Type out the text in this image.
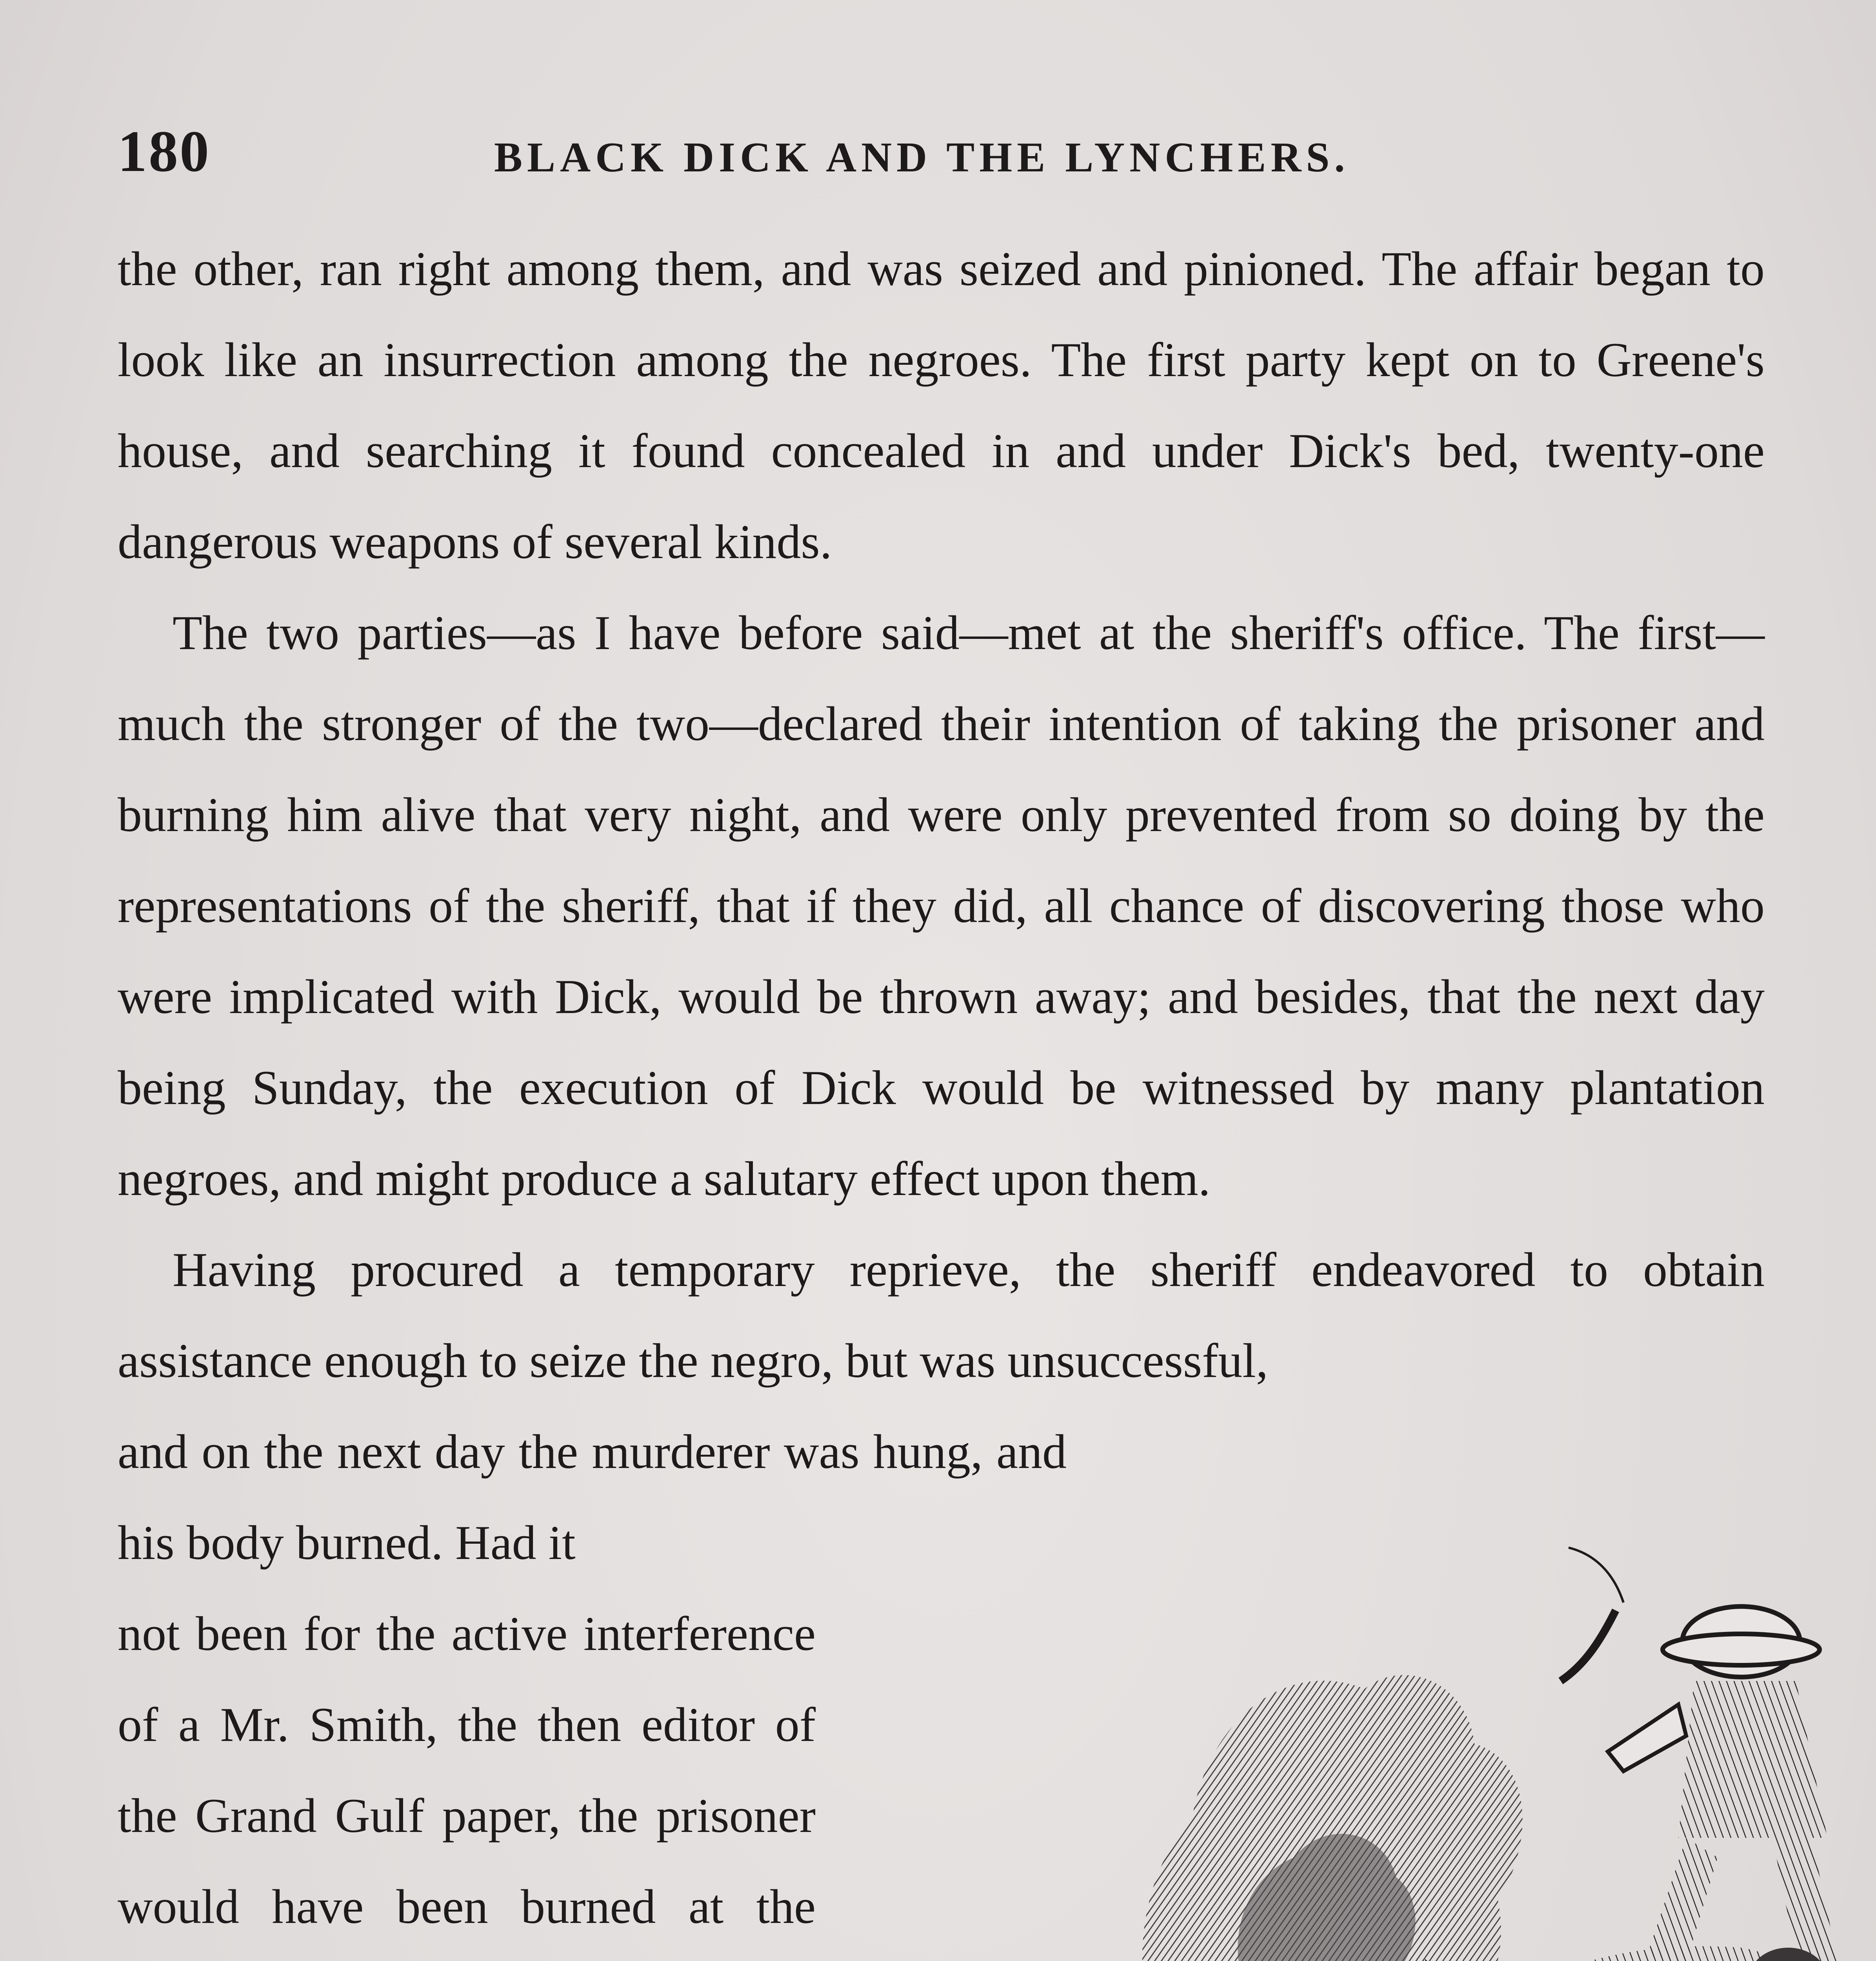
180	BLACK DICK AND THE LYNCHERS.

the other, ran right among them, and was seized and pinioned. The affair began to look like an insurrection among the negroes. The first party kept on to Greene's house, and searching it found concealed in and under Dick's bed, twenty-one dangerous weapons of several kinds.

The two parties—as I have before said—met at the sheriff's office. The first—much the stronger of the two—declared their intention of taking the prisoner and burning him alive that very night, and were only prevented from so doing by the representations of the sheriff, that if they did, all chance of discovering those who were implicated with Dick, would be thrown away; and besides, that the next day being Sunday, the execution of Dick would be witnessed by many plantation negroes, and might produce a salutary effect upon them.

Having procured a temporary reprieve, the sheriff endeavored to obtain assistance enough to seize the negro, but was unsuccessful,

and on the next day the murderer was hung, and his body burned. Had it

not been for the active interference of a Mr. Smith, the then editor of the Grand Gulf paper, the prisoner would have been burned at the
